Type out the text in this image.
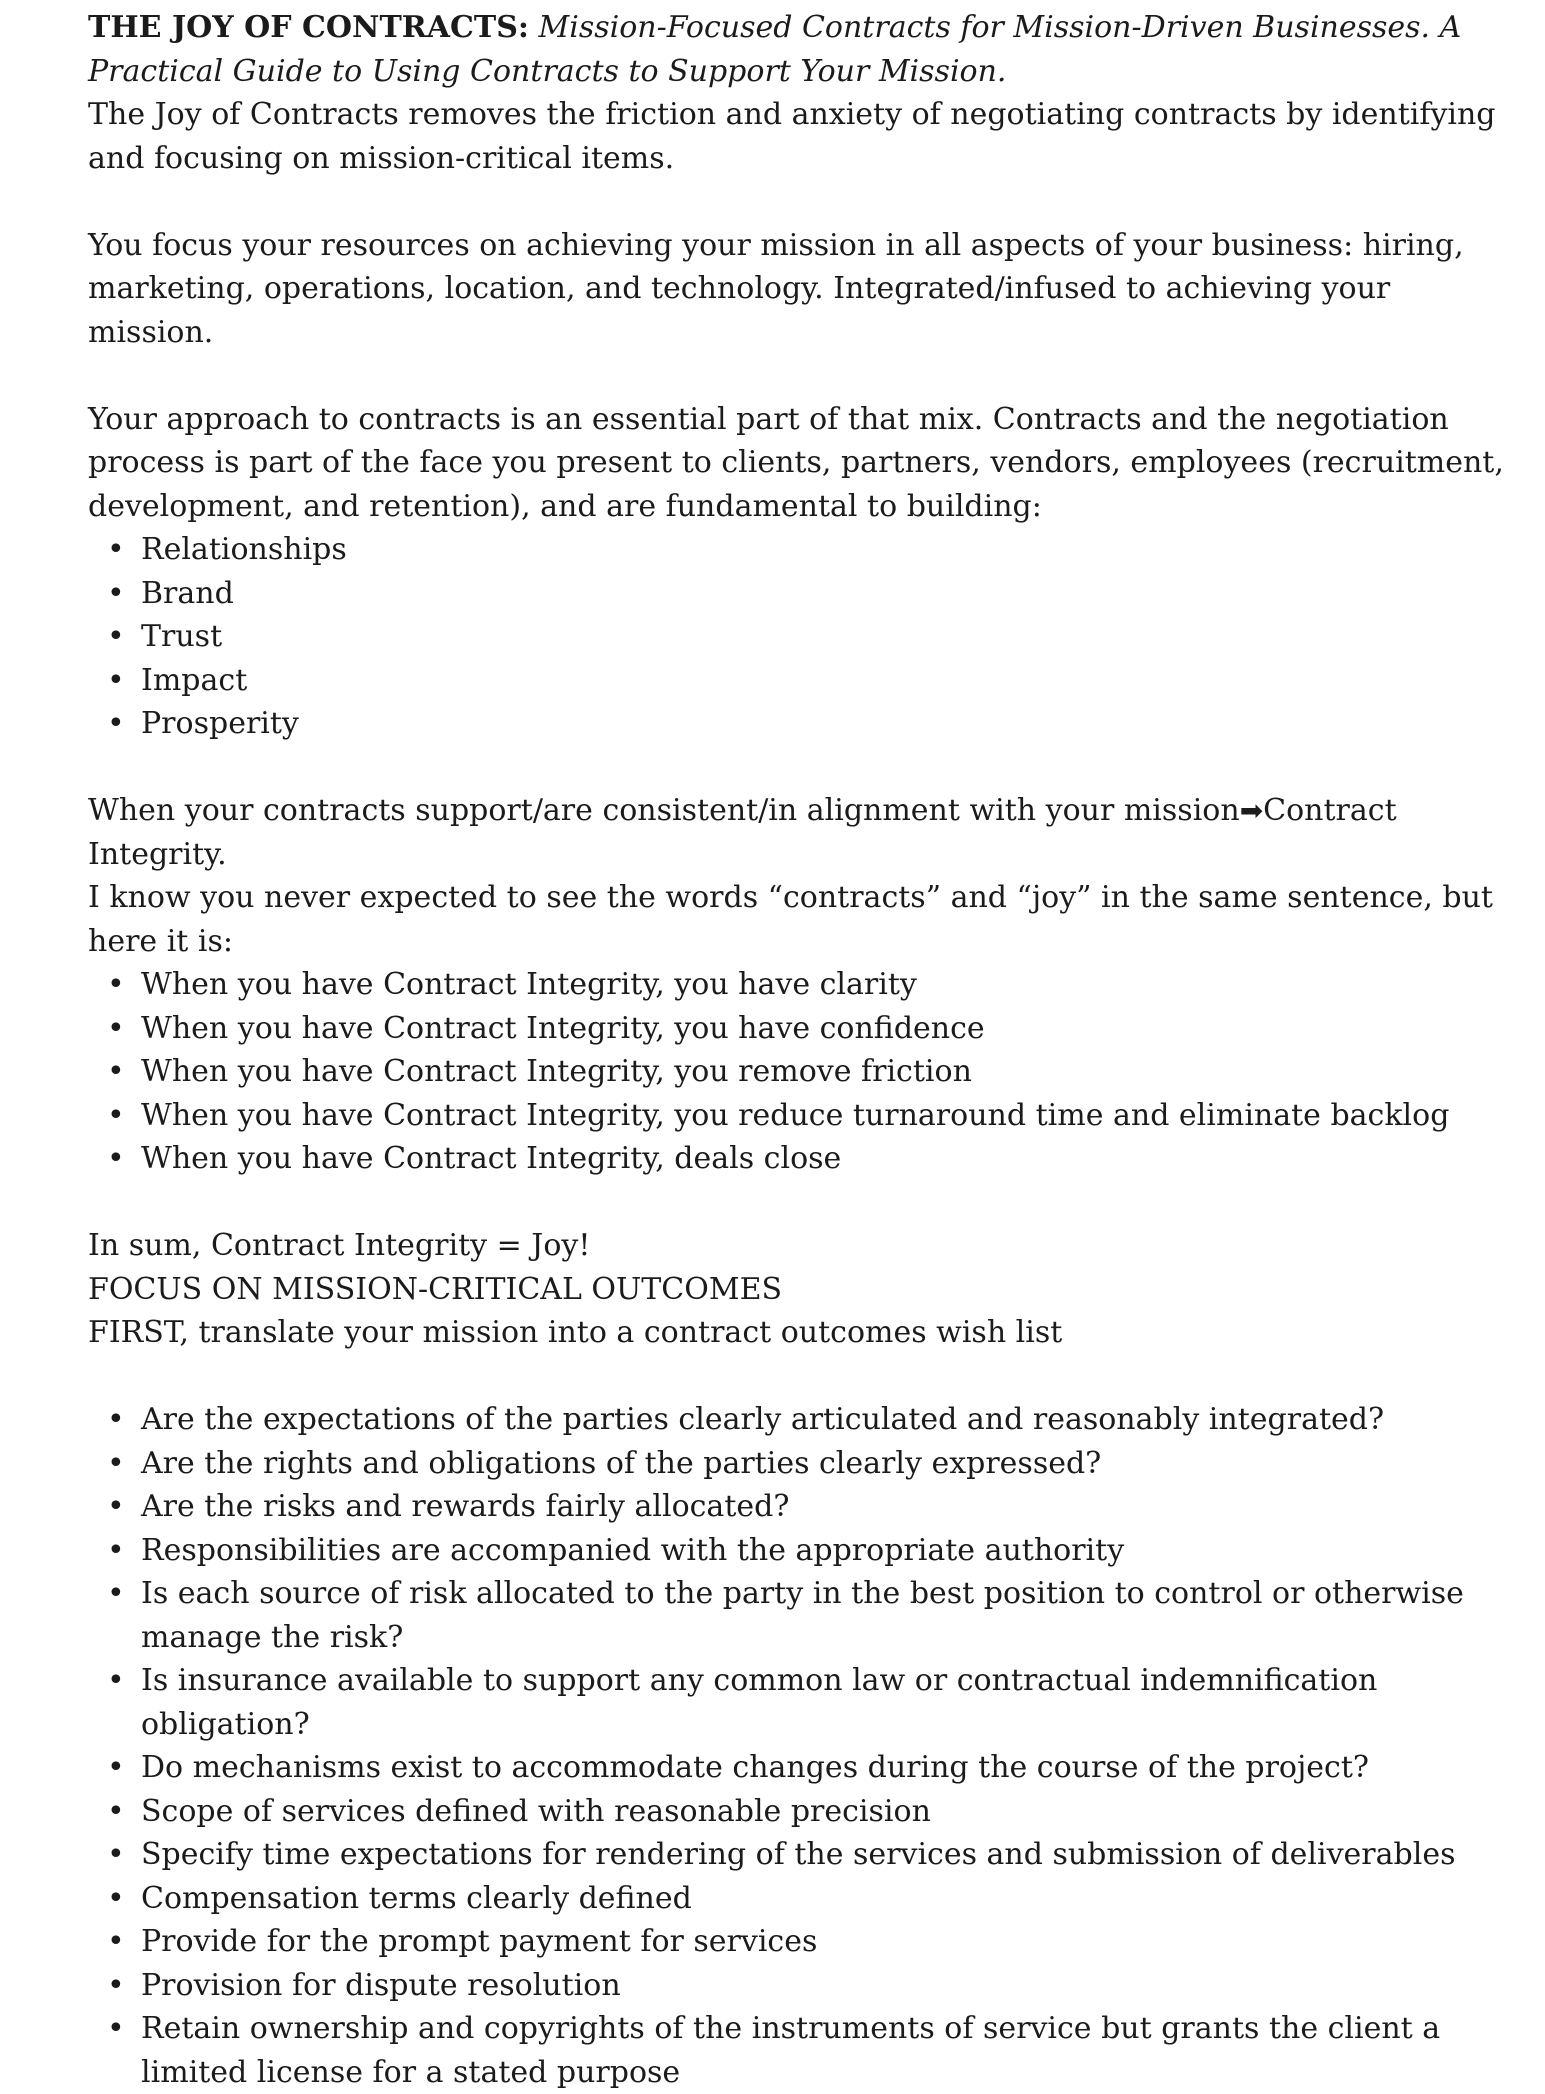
THE JOY OF CONTRACTS: Mission-Focused Contracts for Mission-Driven Businesses. A Practical Guide to Using Contracts to Support Your Mission.

The Joy of Contracts removes the friction and anxiety of negotiating contracts by identifying and focusing on mission-critical items.

You focus your resources on achieving your mission in all aspects of your business: hiring, marketing, operations, location, and technology. Integrated/infused to achieving your mission.

Your approach to contracts is an essential part of that mix. Contracts and the negotiation process is part of the face you present to clients, partners, vendors, employees (recruitment, development, and retention), and are fundamental to building:

• Relationships
• Brand
• Trust
• Impact
• Prosperity

When your contracts support/are consistent/in alignment with your mission➡Contract Integrity.

I know you never expected to see the words “contracts” and “joy” in the same sentence, but here it is:

• When you have Contract Integrity, you have clarity
• When you have Contract Integrity, you have confidence
• When you have Contract Integrity, you remove friction
• When you have Contract Integrity, you reduce turnaround time and eliminate backlog
• When you have Contract Integrity, deals close

In sum, Contract Integrity = Joy!

FOCUS ON MISSION-CRITICAL OUTCOMES

FIRST, translate your mission into a contract outcomes wish list

• Are the expectations of the parties clearly articulated and reasonably integrated?
• Are the rights and obligations of the parties clearly expressed?
• Are the risks and rewards fairly allocated?
• Responsibilities are accompanied with the appropriate authority
• Is each source of risk allocated to the party in the best position to control or otherwise manage the risk?
• Is insurance available to support any common law or contractual indemnification obligation?
• Do mechanisms exist to accommodate changes during the course of the project?
• Scope of services defined with reasonable precision
• Specify time expectations for rendering of the services and submission of deliverables
• Compensation terms clearly defined
• Provide for the prompt payment for services
• Provision for dispute resolution
• Retain ownership and copyrights of the instruments of service but grants the client a limited license for a stated purpose
